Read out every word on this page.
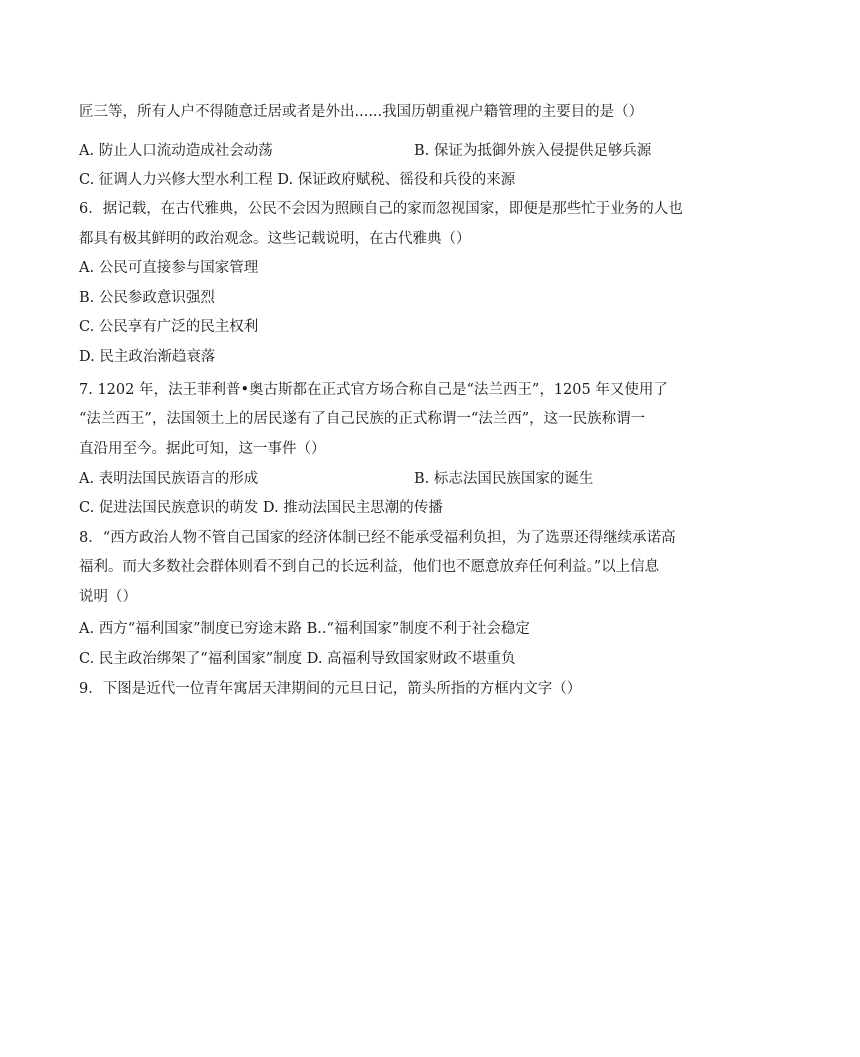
匠三等，所有人户不得随意迁居或者是外出......我国历朝重视户籍管理的主要目的是（）
A. 防止人口流动造成社会动荡	B. 保证为抵御外族入侵提供足够兵源
C. 征调人力兴修大型水利工程 D. 保证政府赋税、徭役和兵役的来源
6．据记载，在古代雅典，公民不会因为照顾自己的家而忽视国家，即便是那些忙于业务的人也
都具有极其鲜明的政治观念。这些记载说明，在古代雅典（）
A. 公民可直接参与国家管理
B. 公民参政意识强烈
C. 公民享有广泛的民主权利
D. 民主政治渐趋衰落
7. 1202 年，法王菲利普•奥古斯都在正式官方场合称自己是“法兰西王”，1205 年又使用了
“法兰西王”，法国领土上的居民遂有了自己民族的正式称谓一“法兰西”，这一民族称谓一
直沿用至今。据此可知，这一事件（）
A. 表明法国民族语言的形成	B. 标志法国民族国家的诞生
C. 促进法国民族意识的萌发 D. 推动法国民主思潮的传播
8．“西方政治人物不管自己国家的经济体制已经不能承受福利负担，为了选票还得继续承诺高
福利。而大多数社会群体则看不到自己的长远利益，他们也不愿意放弃任何利益。”以上信息
说明（）
A. 西方“福利国家”制度已穷途末路 B..“福利国家”制度不利于社会稳定
C. 民主政治绑架了“福利国家”制度 D. 高福利导致国家财政不堪重负
9．下图是近代一位青年寓居天津期间的元旦日记，箭头所指的方框内文字（）
